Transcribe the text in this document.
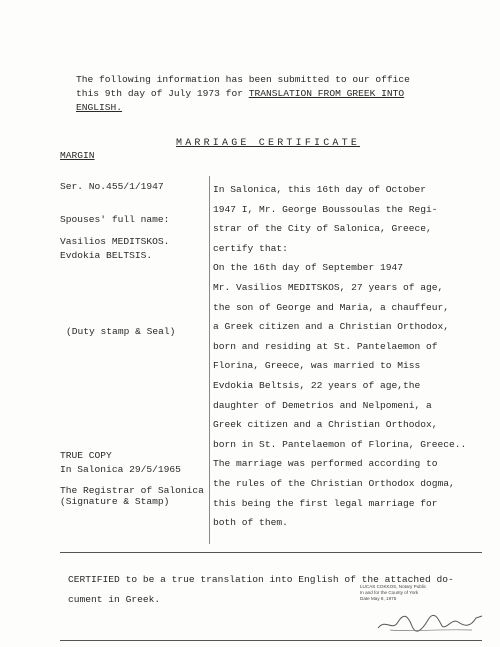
The following information has been submitted to our office
this 9th day of July 1973 for TRANSLATION FROM GREEK INTO
ENGLISH.
MARRIAGE CERTIFICATE
MARGIN
Ser. No.455/1/1947
Spouses' full name:
Vasilios MEDITSKOS.
Evdokia BELTSIS.
(Duty stamp & Seal)
TRUE COPY
In Salonica 29/5/1965
The Registrar of Salonica
(Signature & Stamp)
In Salonica, this 16th day of October
1947 I, Mr. George Boussoulas the Regi-
strar of the City of Salonica, Greece,
certify that:
On the 16th day of September 1947
Mr. Vasilios MEDITSKOS, 27 years of age,
the son of George and Maria, a chauffeur,
a Greek citizen and a Christian Orthodox,
born and residing at St. Pantelaemon of
Florina, Greece, was married to Miss
Evdokia Beltsis, 22 years of age,the
daughter of Demetrios and Nelpomeni, a
Greek citizen and a Christian Orthodox,
born in St. Pantelaemon of Florina, Greece..
The marriage was performed according to
the rules of the Christian Orthodox dogma,
this being the first legal marriage for
both of them.
CERTIFIED to be a true translation into English of the attached do-
cument in Greek.
LUCAS COKKOS, Notary Public
In and for the County of York
Date May 8, 1975
